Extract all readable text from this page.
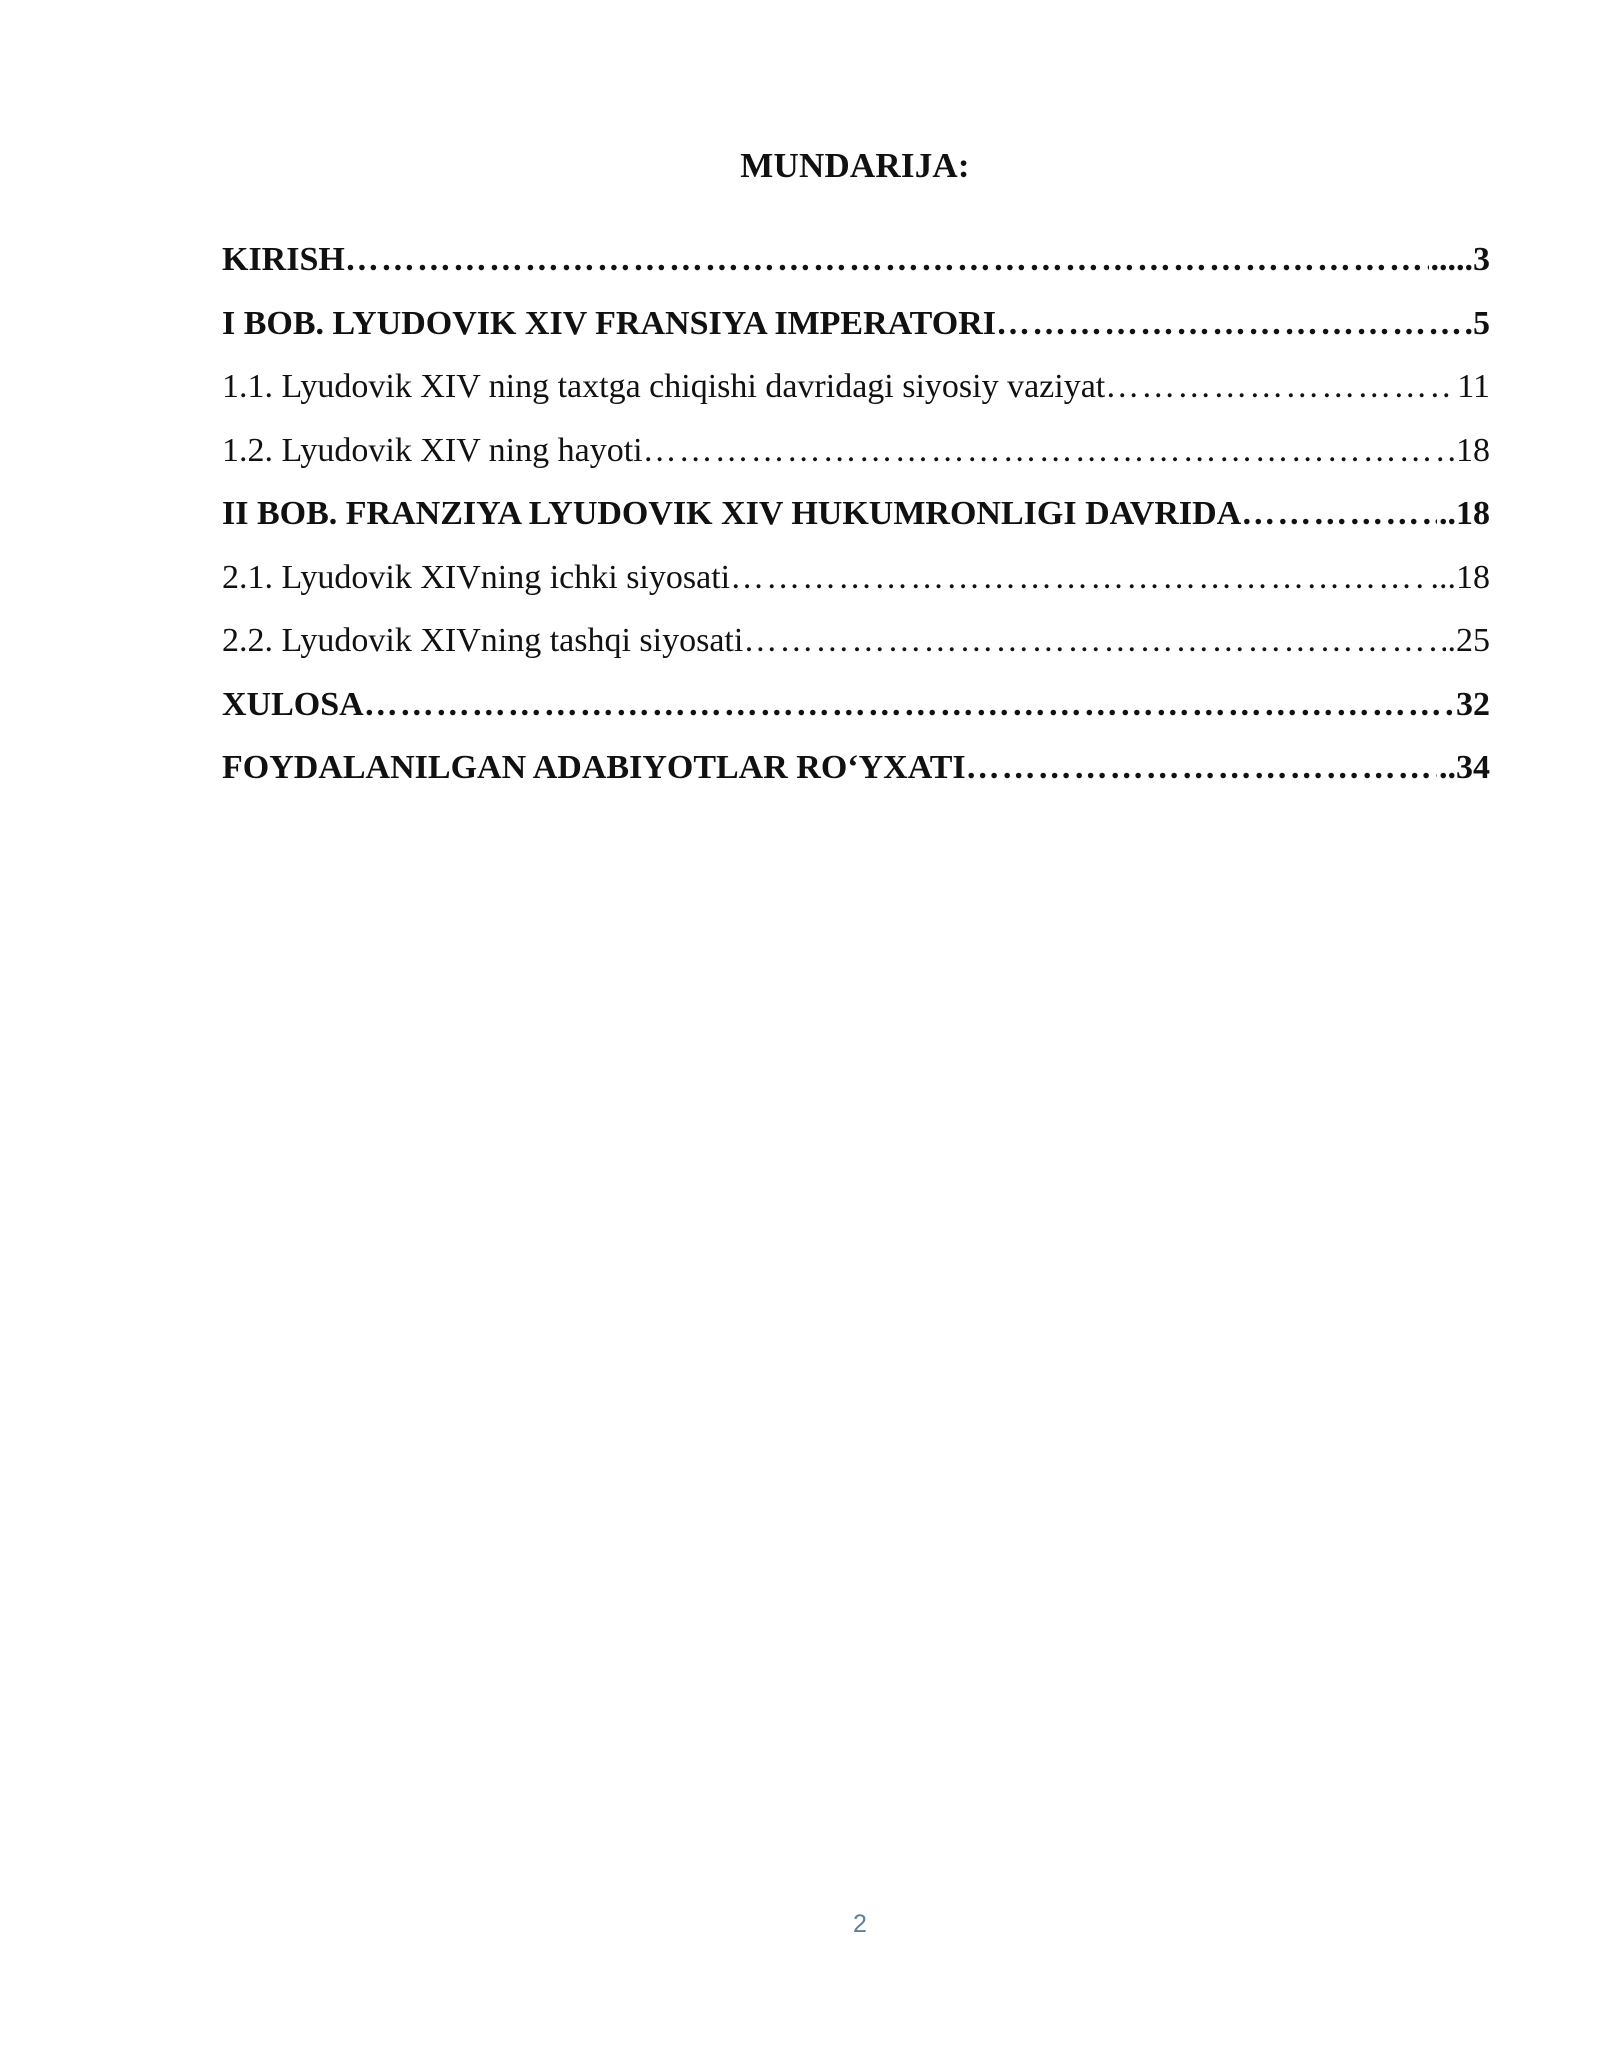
MUNDARIJA:
KIRISH ……………………………………………………………………………………………………………………………………………………………………………………………………………	.....3
I BOB. LYUDOVIK XIV FRANSIYA IMPERATORI ……………………………………………………………………………………………………………………………………………………………………………………………………………	.5
1.1. Lyudovik XIV ning taxtga chiqishi davridagi siyosiy vaziyat ……………………………………………………………………………………………………………………………………………………………………………………………………………	11
1.2. Lyudovik XIV ning hayoti ……………………………………………………………………………………………………………………………………………………………………………………………………………	.18
II BOB. FRANZIYA LYUDOVIK XIV HUKUMRONLIGI DAVRIDA ……………………………………………………………………………………………………………………………………………………………………………………………………………	..18
2.1. Lyudovik XIVning ichki siyosati ……………………………………………………………………………………………………………………………………………………………………………………………………………	...18
2.2. Lyudovik XIVning tashqi siyosati ……………………………………………………………………………………………………………………………………………………………………………………………………………	.25
XULOSA ……………………………………………………………………………………………………………………………………………………………………………………………………………	32
FOYDALANILGAN ADABIYOTLAR RO‘YXATI ……………………………………………………………………………………………………………………………………………………………………………………………………………	..34
2
